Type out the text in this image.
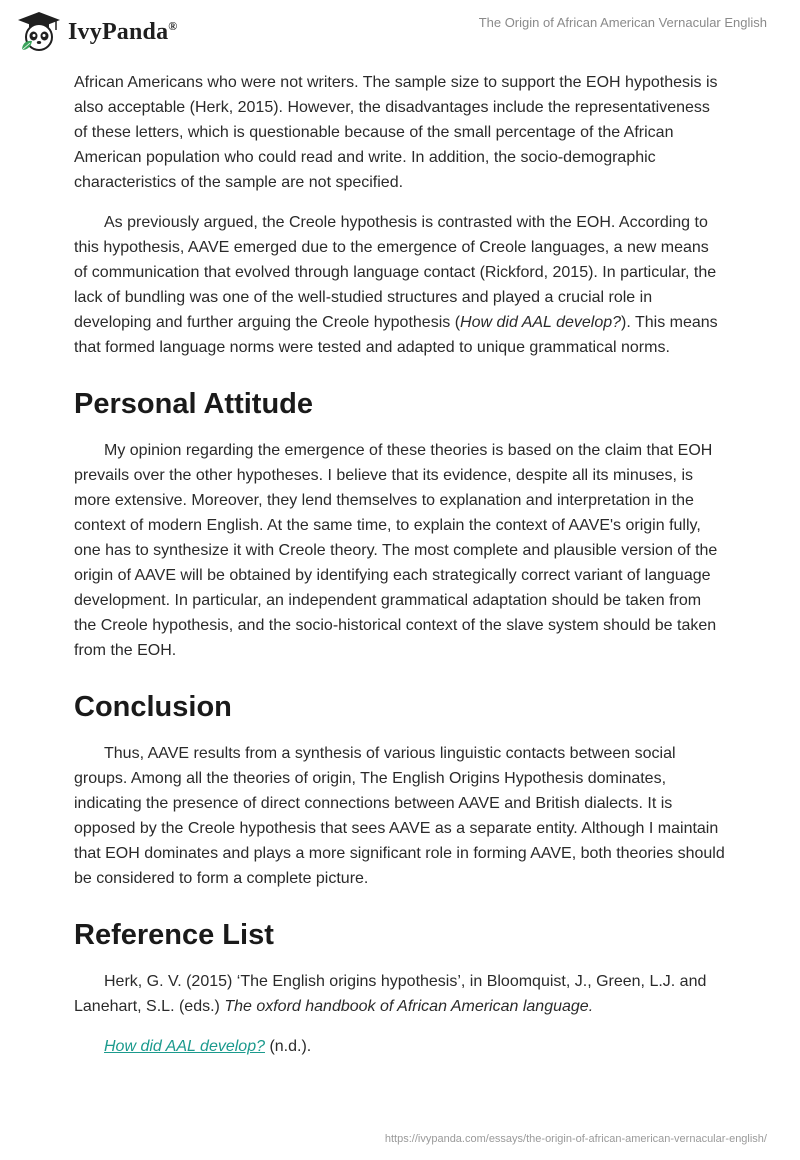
IvyPanda®	The Origin of African American Vernacular English

African Americans who were not writers. The sample size to support the EOH hypothesis is also acceptable (Herk, 2015). However, the disadvantages include the representativeness of these letters, which is questionable because of the small percentage of the African American population who could read and write. In addition, the socio-demographic characteristics of the sample are not specified.

As previously argued, the Creole hypothesis is contrasted with the EOH. According to this hypothesis, AAVE emerged due to the emergence of Creole languages, a new means of communication that evolved through language contact (Rickford, 2015). In particular, the lack of bundling was one of the well-studied structures and played a crucial role in developing and further arguing the Creole hypothesis (How did AAL develop?). This means that formed language norms were tested and adapted to unique grammatical norms.

Personal Attitude

My opinion regarding the emergence of these theories is based on the claim that EOH prevails over the other hypotheses. I believe that its evidence, despite all its minuses, is more extensive. Moreover, they lend themselves to explanation and interpretation in the context of modern English. At the same time, to explain the context of AAVE's origin fully, one has to synthesize it with Creole theory. The most complete and plausible version of the origin of AAVE will be obtained by identifying each strategically correct variant of language development. In particular, an independent grammatical adaptation should be taken from the Creole hypothesis, and the socio-historical context of the slave system should be taken from the EOH.

Conclusion

Thus, AAVE results from a synthesis of various linguistic contacts between social groups. Among all the theories of origin, The English Origins Hypothesis dominates, indicating the presence of direct connections between AAVE and British dialects. It is opposed by the Creole hypothesis that sees AAVE as a separate entity. Although I maintain that EOH dominates and plays a more significant role in forming AAVE, both theories should be considered to form a complete picture.

Reference List

Herk, G. V. (2015) ‘The English origins hypothesis’, in Bloomquist, J., Green, L.J. and Lanehart, S.L. (eds.) The oxford handbook of African American language.

How did AAL develop? (n.d.).

https://ivypanda.com/essays/the-origin-of-african-american-vernacular-english/
